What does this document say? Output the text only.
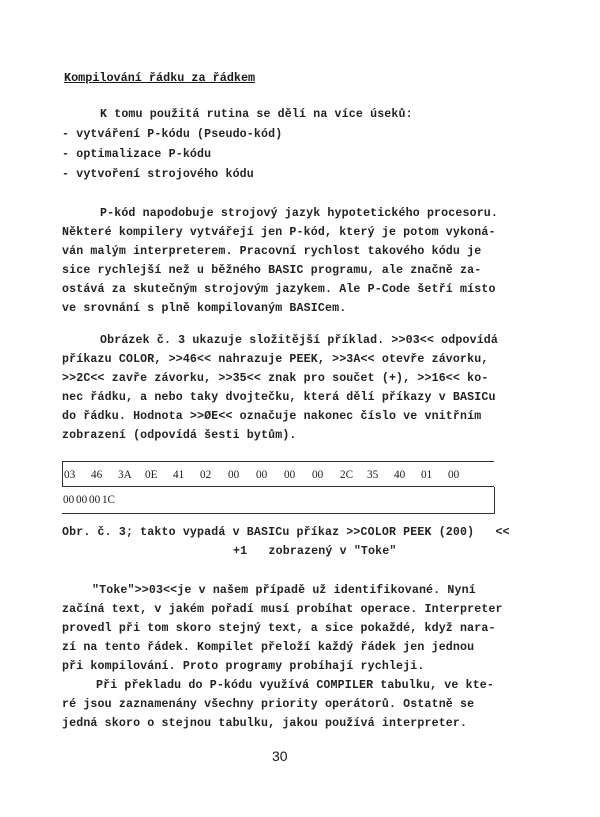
Kompilování řádku za řádkem
K tomu použitá rutina se dělí na více úseků:
- vytváření P-kódu (Pseudo-kód)
- optimalizace P-kódu
- vytvoření strojového kódu
P-kód napodobuje strojový jazyk hypotetického procesoru.
Některé kompilery vytvářejí jen P-kód, který je potom vykoná-
ván malým interpreterem. Pracovní rychlost takového kódu je
sice rychlejší než u běžného BASIC programu, ale značně za-
ostává za skutečným strojovým jazykem. Ale P-Code šetří místo
ve srovnání s plně kompilovaným BASICem.
Obrázek č. 3 ukazuje složitější příklad. >>03<< odpovídá
příkazu COLOR, >>46<< nahrazuje PEEK, >>3A<< otevře závorku,
>>2C<< zavře závorku, >>35<< znak pro součet (+), >>16<< ko-
nec řádku, a nebo taky dvojtečku, která dělí příkazy v BASICu
do řádku. Hodnota >>ØE<< označuje nakonec číslo ve vnitřním
zobrazení (odpovídá šesti bytům).
03 46 3A 0E 41 02 00 00 00 00 2C 35 40 01 00
00 00 00 1C
Obr. č. 3; takto vypadá v BASICu příkaz >>COLOR PEEK (200)   <<
+1   zobrazený v "Toke"
"Toke">>03<<je v našem případě už identifikované. Nyní
začíná text, v jakém pořadí musí probíhat operace. Interpreter
provedl při tom skoro stejný text, a sice pokaždé, když nara-
zí na tento řádek. Kompilet přeloží každý řádek jen jednou
při kompilování. Proto programy probíhají rychleji.
Při překladu do P-kódu využívá COMPILER tabulku, ve kte-
ré jsou zaznamenány všechny priority operátorů. Ostatně se
jedná skoro o stejnou tabulku, jakou používá interpreter.
30
